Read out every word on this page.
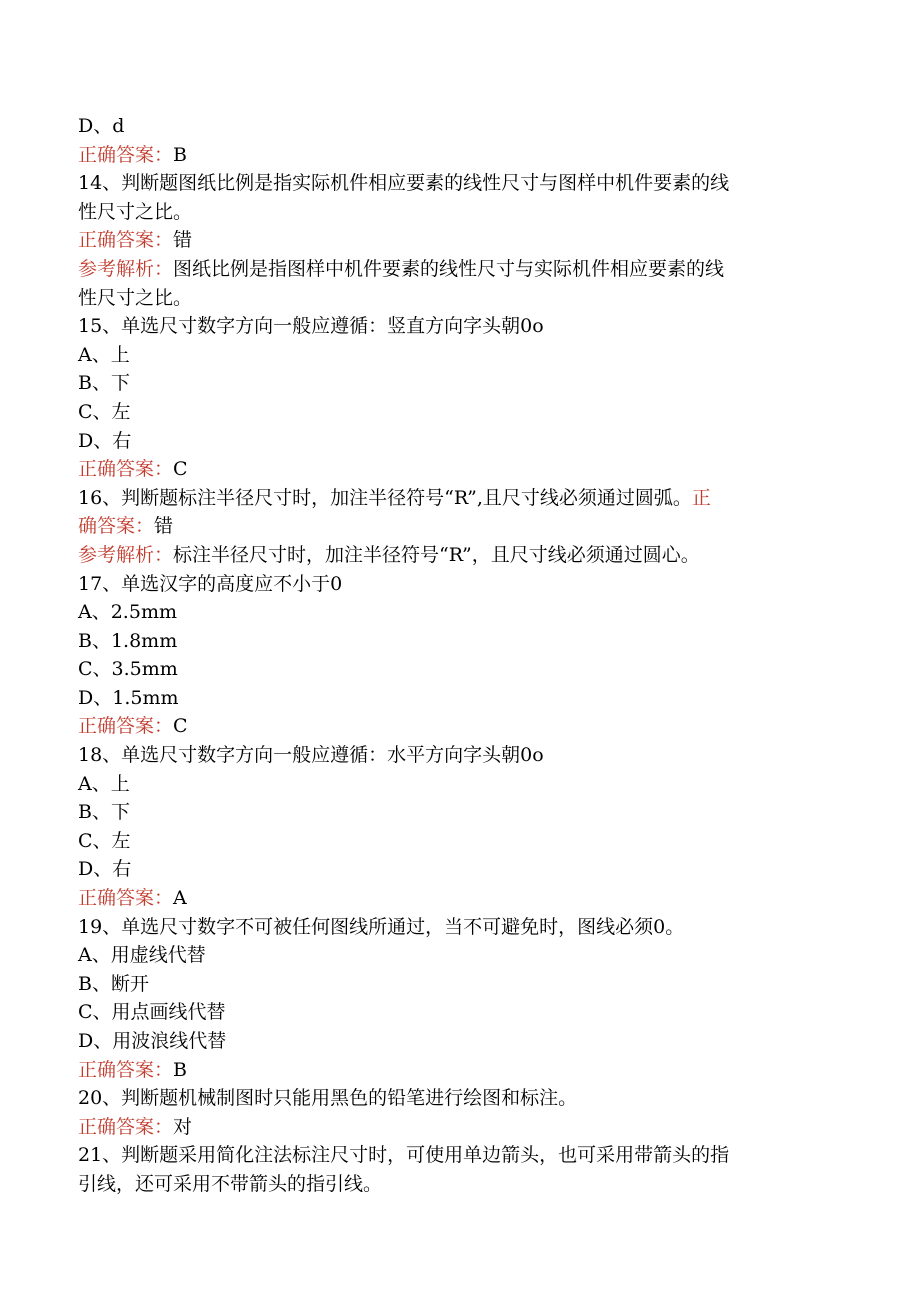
D、d
正确答案：B
14、判断题图纸比例是指实际机件相应要素的线性尺寸与图样中机件要素的线
性尺寸之比。
正确答案：错
参考解析：图纸比例是指图样中机件要素的线性尺寸与实际机件相应要素的线
性尺寸之比。
15、单选尺寸数字方向一般应遵循：竖直方向字头朝0o
A、上
B、下
C、左
D、右
正确答案：C
16、判断题标注半径尺寸时，加注半径符号“R”,且尺寸线必须通过圆弧。正
确答案：错
参考解析：标注半径尺寸时，加注半径符号“R”，且尺寸线必须通过圆心。
17、单选汉字的高度应不小于0
A、2.5mm
B、1.8mm
C、3.5mm
D、1.5mm
正确答案：C
18、单选尺寸数字方向一般应遵循：水平方向字头朝0o
A、上
B、下
C、左
D、右
正确答案：A
19、单选尺寸数字不可被任何图线所通过，当不可避免时，图线必须0。
A、用虚线代替
B、断开
C、用点画线代替
D、用波浪线代替
正确答案：B
20、判断题机械制图时只能用黑色的铅笔进行绘图和标注。
正确答案：对
21、判断题采用简化注法标注尺寸时，可使用单边箭头，也可采用带箭头的指
引线，还可采用不带箭头的指引线。
